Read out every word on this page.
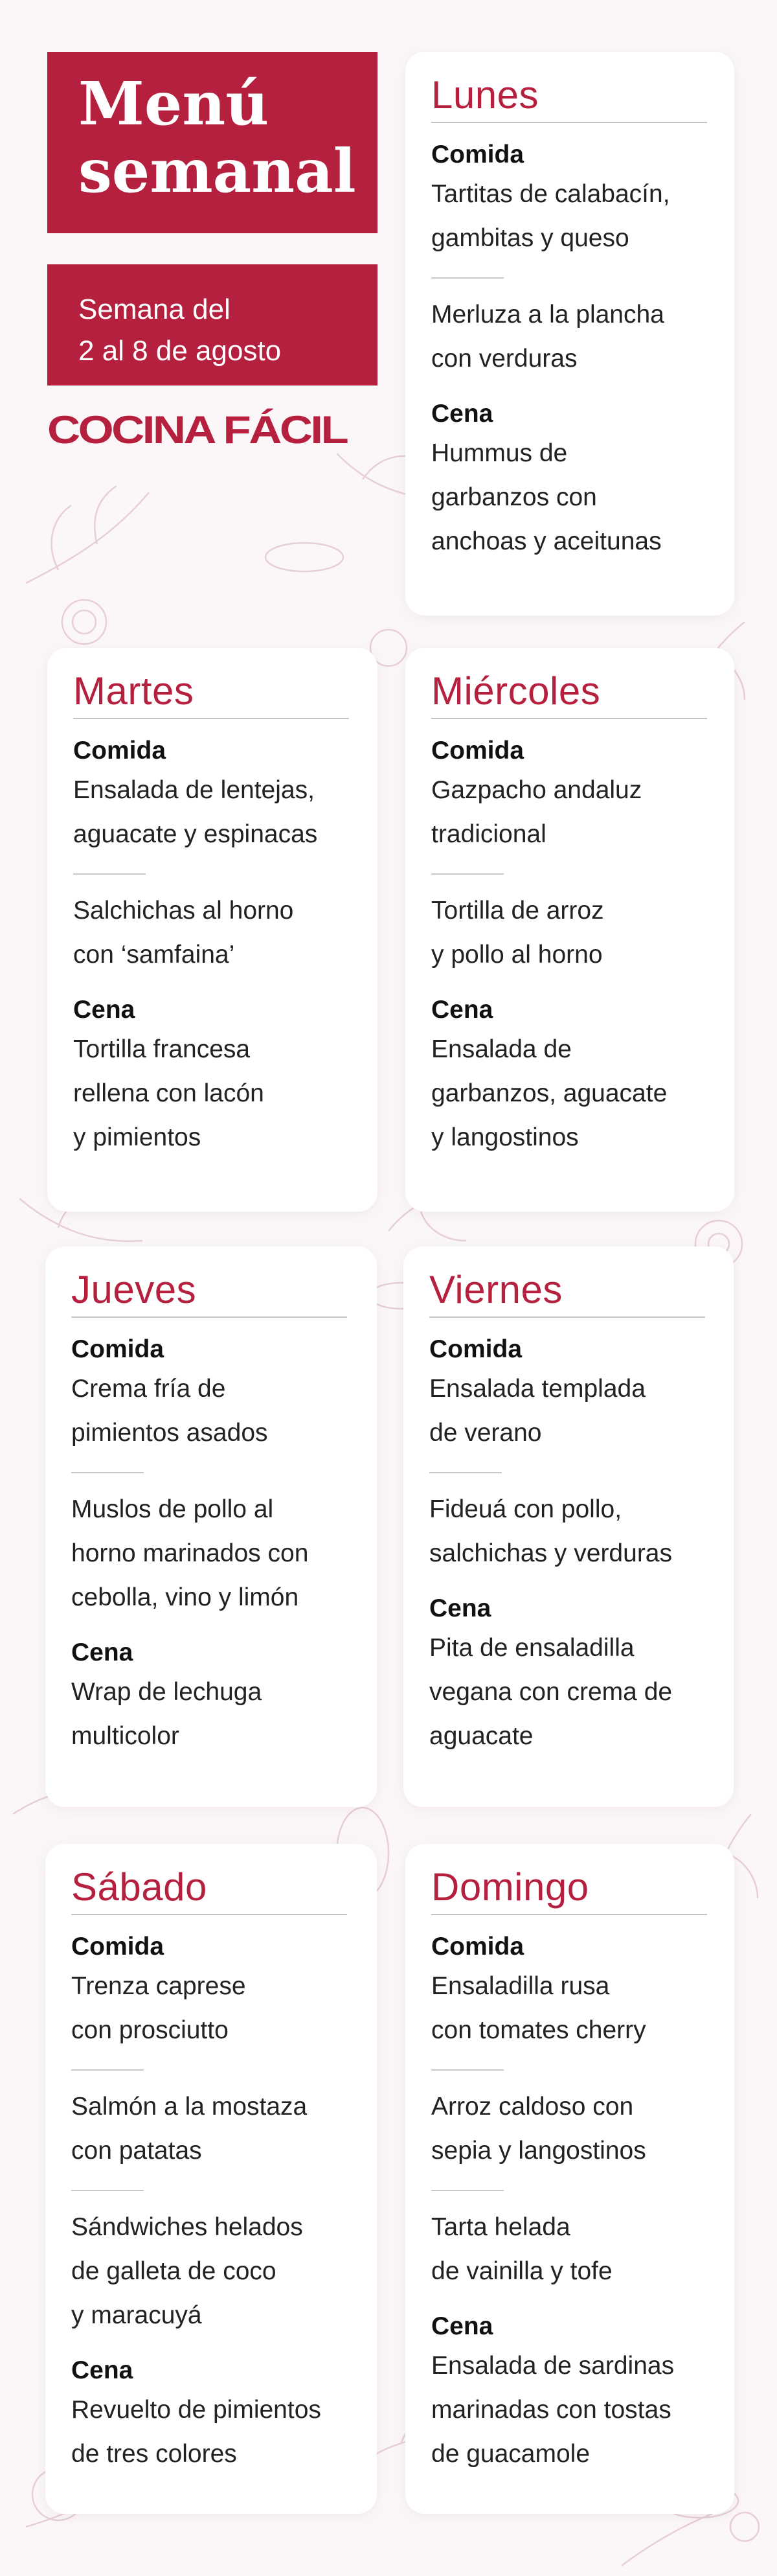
Menú
semanal
Semana del
2 al 8 de agosto
COCINA FÁCIL
Lunes
Comida
Tartitas de calabacín,
gambitas y queso
Merluza a la plancha
con verduras
Cena
Hummus de
garbanzos con
anchoas y aceitunas
Martes
Comida
Ensalada de lentejas,
aguacate y espinacas
Salchichas al horno
con ‘samfaina’
Cena
Tortilla francesa
rellena con lacón
y pimientos
Miércoles
Comida
Gazpacho andaluz
tradicional
Tortilla de arroz
y pollo al horno
Cena
Ensalada de
garbanzos, aguacate
y langostinos
Jueves
Comida
Crema fría de
pimientos asados
Muslos de pollo al
horno marinados con
cebolla, vino y limón
Cena
Wrap de lechuga
multicolor
Viernes
Comida
Ensalada templada
de verano
Fideuá con pollo,
salchichas y verduras
Cena
Pita de ensaladilla
vegana con crema de
aguacate
Sábado
Comida
Trenza caprese
con prosciutto
Salmón a la mostaza
con patatas
Sándwiches helados
de galleta de coco
y maracuyá
Cena
Revuelto de pimientos
de tres colores
Domingo
Comida
Ensaladilla rusa
con tomates cherry
Arroz caldoso con
sepia y langostinos
Tarta helada
de vainilla y tofe
Cena
Ensalada de sardinas
marinadas con tostas
de guacamole
